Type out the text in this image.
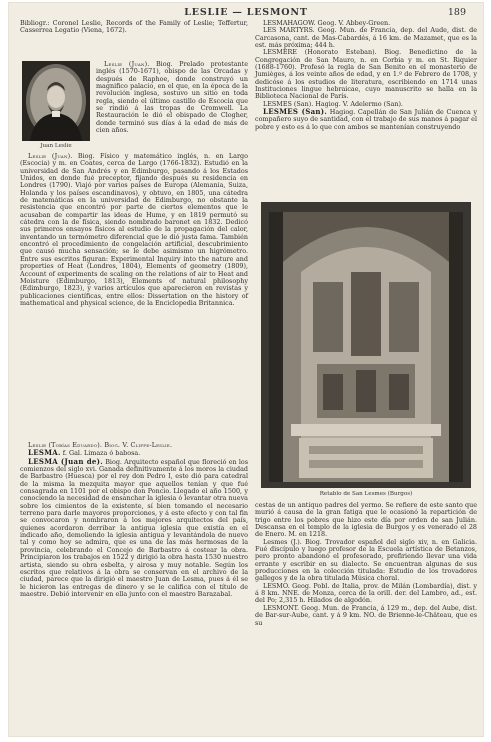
LESLIE — LESMONT	189

Bibliogr.: Coronel Leslie, Records of the Family of Leslie; Teffertur, Casserrea Legatio (Viena, 1672).

Juan Leslie

Leslie (Juan). Biog. Prelado protestante inglés (1570-1671), obispo de las Orcadas y después de Raphoe, donde construyó un magnifico palacio, en el que, en la época de la revolución inglesa, sostuvo un sitio en toda regla, siendo el último castillo de Escocia que se rindió á las tropas de Cromwell. La Restauración le dió el obispado de Clogher, donde terminó sus días á la edad de más de cien años.

Leslie (Juan). Biog. Físico y matemático inglés, n. en Largo (Escocia) y m. en Coates, cerca de Largo (1766-1832). Estudió en la universidad de San Andrés y en Edimburgo, pasando á los Estados Unidos, en donde fué preceptor, fijando después su residencia en Londres (1790). Viajó por varios países de Europa (Alemania, Suiza, Holanda y los países escandinavos), y obtuvo, en 1805, una cátedra de matemáticas en la universidad de Edimburgo, no obstante la resistencia que encontró por parte de ciertos elementos que le acusaban de compartir las ideas de Hume, y en 1819 permutó su cátedra con la de física, siendo nombrado baronet en 1832. Dedicó sus primeros ensayos físicos al estudio de la propagación del calor, inventando un termómetro diferencial que le dió justa fama. También encontró el procedimiento de congelación artificial, descubrimiento que causó mucha sensación; se le debe asimismo un higrómetro. Entre sus escritos figuran: Experimental Inquiry into the nature and properties of Heat (Londres, 1804), Elements of geometry (1809), Account of experiments de scaling on the relations of air to Heat and Moisture (Edimburgo, 1813), Elements of natural philosophy (Edimburgo, 1823), y varios artículos que aparecieron en revistas y publicaciones científicas, entre ellos: Dissertation on the history of mathematical and physical science, de la Enciclopedia Britannica.

Leslie (Tobías Eduardo). Biog. V. Cliffe-Leslie.

LESMA. f. Gal. Limaza ó babosa.

LESMA (Juan de). Biog. Arquitecto español que floreció en los comienzos del siglo xvi. Ganada definitivamente á los moros la ciudad de Barbastro (Huesca) por el rey don Pedro I, este dió para catedral de la misma la mezquita mayor que aquellos tenían y que fué consagrada en 1101 por el obispo don Poncio. Llegado el año 1500, y conociendo la necesidad de ensanchar la iglesia ó levantar otra nueva sobre los cimientos de la existente, sí bien tomando el necesario terreno para darle mayores proporciones, y á este efecto y con tal fin se convocaron y nombraron á los mejores arquitectos del país, quienes acordaron derribar la antigua iglesia que existía en el indicado año, demoliendo la iglesia antigua y levantándola de nuevo tal y como hoy se admira, que es una de las más hermosas de la provincia, celebrando el Concejo de Barbastro á costear la obra. Principiaron los trabajos en 1522 y dirigió la obra hasta 1530 nuestro artista, siendo su obra esbelta, y airosa y muy notable. Según los escritos que relativos á la obra se conservan en el archivo de la ciudad, parece que la dirigió el maestro Juan de Lesma, pues á él se le hicieron las entregas de dinero y se le califica con el título de maestre. Debió intervenir en ella junto con el maestro Barazabal.

LESMAHAGOW. Geog. V. Abbey-Green.

LES MARTYRS. Geog. Mun. de Francia, dep. del Aude, dist. de Carcasona, cant. de Mas-Cabardés, á 16 km. de Mazamet, que es la est. más próxima; 444 h.

LESMERE (Honorato Esteban). Biog. Benedictino de la Congregación de San Mauro, n. en Corbia y m. en St. Riquier (1688-1760). Profesó la regla de San Benito en el monasterio de Jumièges, á los veinte años de edad, y en 1.º de Febrero de 1708, y dedicóse á los estudios de literatura, escribiendo en 1714 unas Instituciones lingue hebraicae, cuyo manuscrito se halla en la Biblioteca Nacional de París.

LESMES (San). Hagiog. V. Adelermo (San).

LESMES (San). Hagiog. Capellán de San Julián de Cuenca y compañero suyo de santidad, con el trabajo de sus manos á pagar el pobre y esto es á lo que con ambos se mantenían construyendo

Retablo de San Lesmes (Burgos)

cestas de un antiquo padres del yermo. Se refiere de este santo que murió á causa de la gran fatiga que le ocasionó la repartición de trigo entre los pobres que hizo este día por orden de san Julián. Descansa en el templo de la iglesia de Burgos y es venerado el 28 de Enero. M. en 1218.

Lesmes (J.). Biog. Trovador español del siglo xiv, n. en Galicia. Fué discípulo y luego profesor de la Escuela artística de Betanzos, pero pronto abandonó el profesorado, prefiriendo llevar una vida errante y escribir en su dialecto. Se encuentran algunas de sus producciones en la colección titulada: Estudio de los trovadores gallegos y de la obra titulada Música choral.

LESMO. Geog. Pobl. de Italia, prov. de Milán (Lombardía), dist. y á 8 km. NNE. de Monza, cerca de la orill. der. del Lambro, ad., est. del Po; 2,315 h. Hilados de algodón.

LESMONT. Geog. Mun. de Francia, á 129 m., dep. del Aube, dist. de Bar-sur-Aube, cant. y á 9 km. NO. de Brienne-le-Château, que es su
